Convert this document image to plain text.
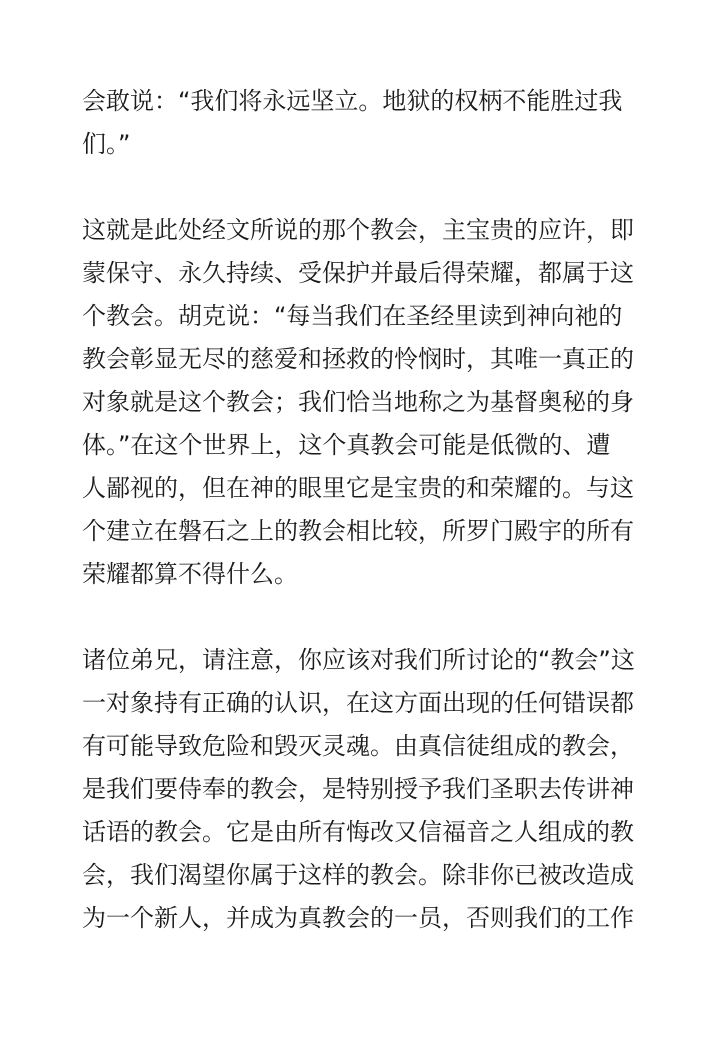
会敢说：“我们将永远坚立。地狱的权柄不能胜过我
们。”
这就是此处经文所说的那个教会，主宝贵的应许，即
蒙保守、永久持续、受保护并最后得荣耀，都属于这
个教会。胡克说：“每当我们在圣经里读到神向祂的
教会彰显无尽的慈爱和拯救的怜悯时，其唯一真正的
对象就是这个教会；我们恰当地称之为基督奥秘的身
体。”在这个世界上，这个真教会可能是低微的、遭
人鄙视的，但在神的眼里它是宝贵的和荣耀的。与这
个建立在磐石之上的教会相比较，所罗门殿宇的所有
荣耀都算不得什么。
诸位弟兄，请注意，你应该对我们所讨论的“教会”这
一对象持有正确的认识，在这方面出现的任何错误都
有可能导致危险和毁灭灵魂。由真信徒组成的教会，
是我们要侍奉的教会，是特别授予我们圣职去传讲神
话语的教会。它是由所有悔改又信福音之人组成的教
会，我们渴望你属于这样的教会。除非你已被改造成
为一个新人，并成为真教会的一员，否则我们的工作
